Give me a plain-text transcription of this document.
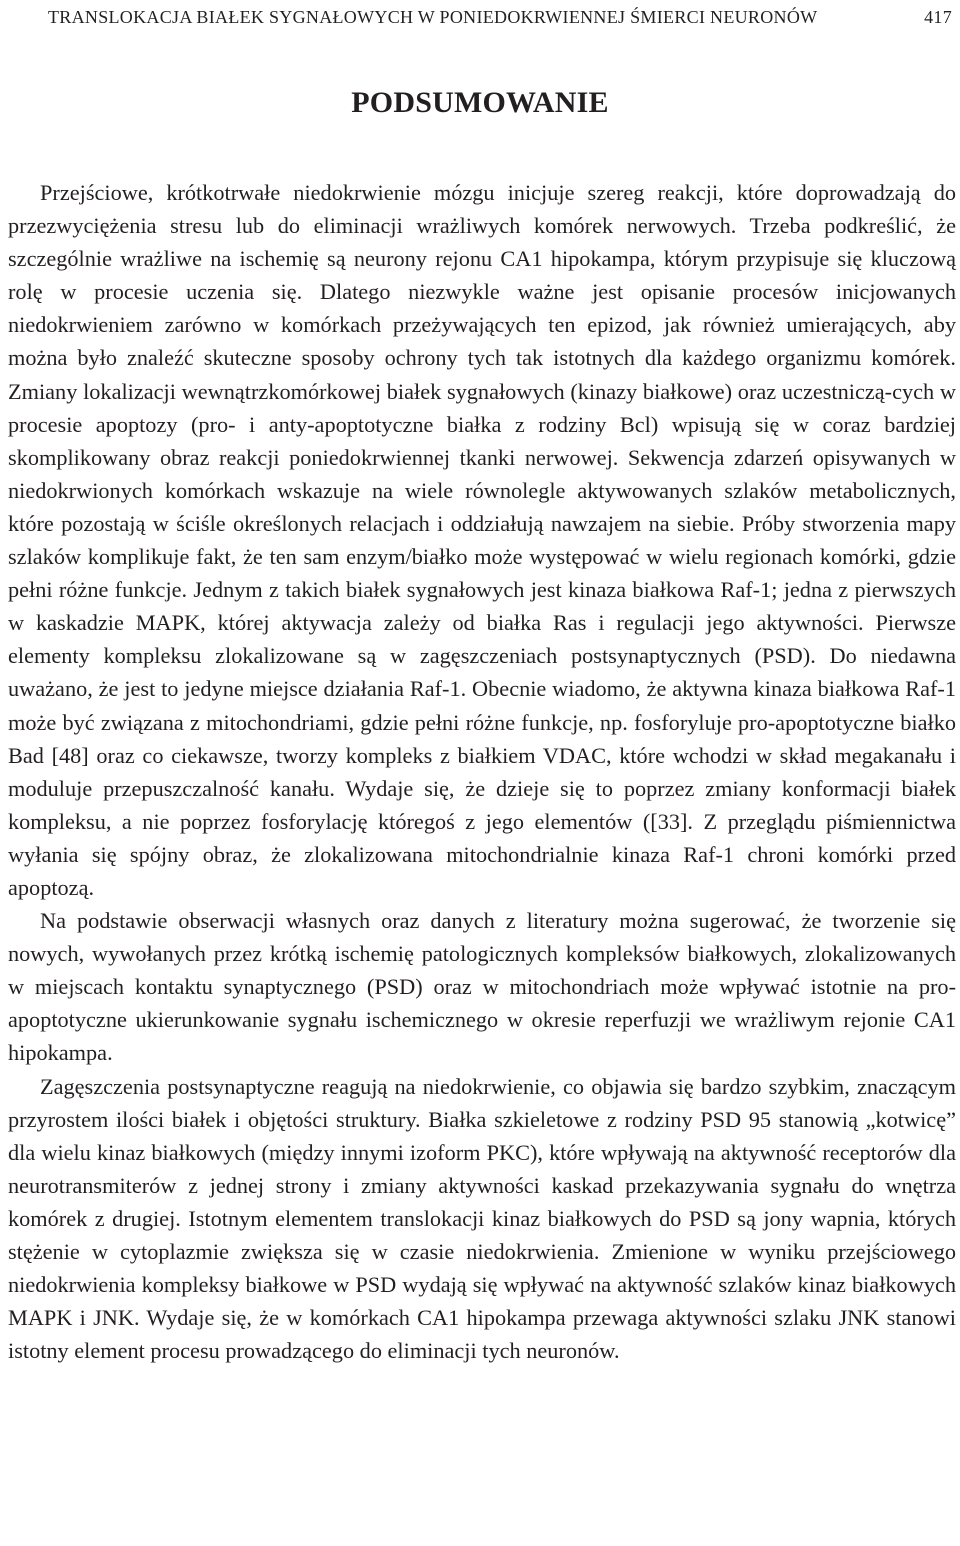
TRANSLOKACJA BIAŁEK SYGNAŁOWYCH W PONIEDOKRWIENNEJ ŚMIERCI NEURONÓW	417
PODSUMOWANIE

Przejściowe, krótkotrwałe niedokrwienie mózgu inicjuje szereg reakcji, które doprowadzają do przezwyciężenia stresu lub do eliminacji wrażliwych komórek nerwowych. Trzeba podkreślić, że szczególnie wrażliwe na ischemię są neurony rejonu CA1 hipokampa, którym przypisuje się kluczową rolę w procesie uczenia się. Dlatego niezwykle ważne jest opisanie procesów inicjowanych niedokrwieniem zarówno w komórkach przeżywających ten epizod, jak również umierających, aby można było znaleźć skuteczne sposoby ochrony tych tak istotnych dla każdego organizmu komórek. Zmiany lokalizacji wewnątrzkomórkowej białek sygnałowych (kinazy białkowe) oraz uczestniczą-cych w procesie apoptozy (pro- i anty-apoptotyczne białka z rodziny Bcl) wpisują się w coraz bardziej skomplikowany obraz reakcji poniedokrwiennej tkanki nerwowej. Sekwencja zdarzeń opisywanych w niedokrwionych komórkach wskazuje na wiele równolegle aktywowanych szlaków metabolicznych, które pozostają w ściśle określonych relacjach i oddziałują nawzajem na siebie. Próby stworzenia mapy szlaków komplikuje fakt, że ten sam enzym/białko może występować w wielu regionach komórki, gdzie pełni różne funkcje. Jednym z takich białek sygnałowych jest kinaza białkowa Raf-1; jedna z pierwszych w kaskadzie MAPK, której aktywacja zależy od białka Ras i regulacji jego aktywności. Pierwsze elementy kompleksu zlokalizowane są w zagęszczeniach postsynaptycznych (PSD). Do niedawna uważano, że jest to jedyne miejsce działania Raf-1. Obecnie wiadomo, że aktywna kinaza białkowa Raf-1 może być związana z mitochondriami, gdzie pełni różne funkcje, np. fosforyluje pro-apoptotyczne białko Bad [48] oraz co ciekawsze, tworzy kompleks z białkiem VDAC, które wchodzi w skład megakanału i moduluje przepuszczalność kanału. Wydaje się, że dzieje się to poprzez zmiany konformacji białek kompleksu, a nie poprzez fosforylację któregoś z jego elementów ([33]. Z przeglądu piśmiennictwa wyłania się spójny obraz, że zlokalizowana mitochondrialnie kinaza Raf-1 chroni komórki przed apoptozą.

Na podstawie obserwacji własnych oraz danych z literatury można sugerować, że tworzenie się nowych, wywołanych przez krótką ischemię patologicznych kompleksów białkowych, zlokalizowanych w miejscach kontaktu synaptycznego (PSD) oraz w mitochondriach może wpływać istotnie na pro-apoptotyczne ukierunkowanie sygnału ischemicznego w okresie reperfuzji we wrażliwym rejonie CA1 hipokampa.

Zagęszczenia postsynaptyczne reagują na niedokrwienie, co objawia się bardzo szybkim, znaczącym przyrostem ilości białek i objętości struktury. Białka szkieletowe z rodziny PSD 95 stanowią „kotwicę” dla wielu kinaz białkowych (między innymi izoform PKC), które wpływają na aktywność receptorów dla neurotransmiterów z jednej strony i zmiany aktywności kaskad przekazywania sygnału do wnętrza komórek z drugiej. Istotnym elementem translokacji kinaz białkowych do PSD są jony wapnia, których stężenie w cytoplazmie zwiększa się w czasie niedokrwienia. Zmienione w wyniku przejściowego niedokrwienia kompleksy białkowe w PSD wydają się wpływać na aktywność szlaków kinaz białkowych MAPK i JNK. Wydaje się, że w komórkach CA1 hipokampa przewaga aktywności szlaku JNK stanowi istotny element procesu prowadzącego do eliminacji tych neuronów.
